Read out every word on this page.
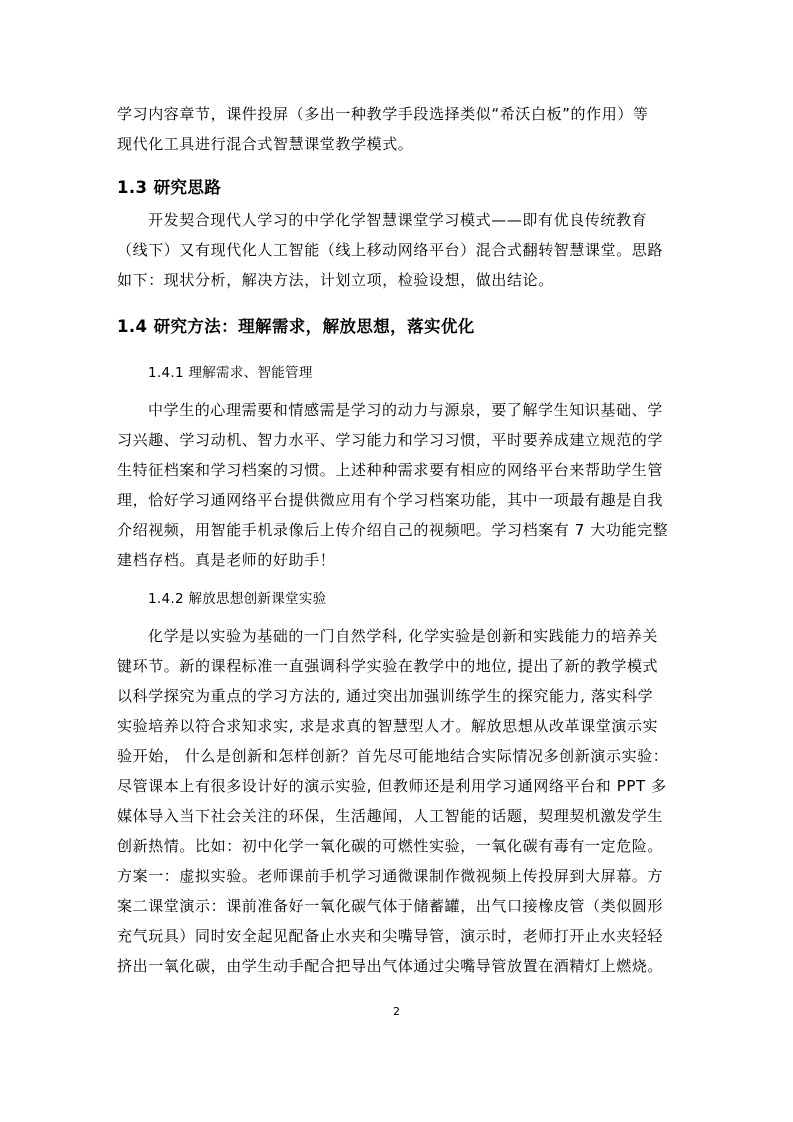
学习内容章节，课件投屏（多出一种教学手段选择类似“希沃白板”的作用）等
现代化工具进行混合式智慧课堂教学模式。
1.3 研究思路
开发契合现代人学习的中学化学智慧课堂学习模式——即有优良传统教育
（线下）又有现代化人工智能（线上移动网络平台）混合式翻转智慧课堂。思路
如下：现状分析，解决方法，计划立项，检验设想，做出结论。
1.4 研究方法：理解需求，解放思想，落实优化
1.4.1 理解需求、智能管理
中学生的心理需要和情感需是学习的动力与源泉，要了解学生知识基础、学
习兴趣、学习动机、智力水平、学习能力和学习习惯，平时要养成建立规范的学
生特征档案和学习档案的习惯。上述种种需求要有相应的网络平台来帮助学生管
理，恰好学习通网络平台提供微应用有个学习档案功能，其中一项最有趣是自我
介绍视频，用智能手机录像后上传介绍自己的视频吧。学习档案有 7 大功能完整
建档存档。真是老师的好助手！
1.4.2 解放思想创新课堂实验
化学是以实验为基础的一门自然学科, 化学实验是创新和实践能力的培养关
键环节。新的课程标准一直强调科学实验在教学中的地位, 提出了新的教学模式
以科学探究为重点的学习方法的, 通过突出加强训练学生的探究能力, 落实科学
实验培养以符合求知求实, 求是求真的智慧型人才。解放思想从改革课堂演示实
验开始， 什么是创新和怎样创新？首先尽可能地结合实际情况多创新演示实验：
尽管课本上有很多设计好的演示实验, 但教师还是利用学习通网络平台和 PPT 多
媒体导入当下社会关注的环保，生活趣闻，人工智能的话题，契理契机激发学生
创新热情。比如：初中化学一氧化碳的可燃性实验，一氧化碳有毒有一定危险。
方案一：虚拟实验。老师课前手机学习通微课制作微视频上传投屏到大屏幕。方
案二课堂演示：课前准备好一氧化碳气体于储蓄罐，出气口接橡皮管（类似圆形
充气玩具）同时安全起见配备止水夹和尖嘴导管，演示时，老师打开止水夹轻轻
挤出一氧化碳，由学生动手配合把导出气体通过尖嘴导管放置在酒精灯上燃烧。
2
